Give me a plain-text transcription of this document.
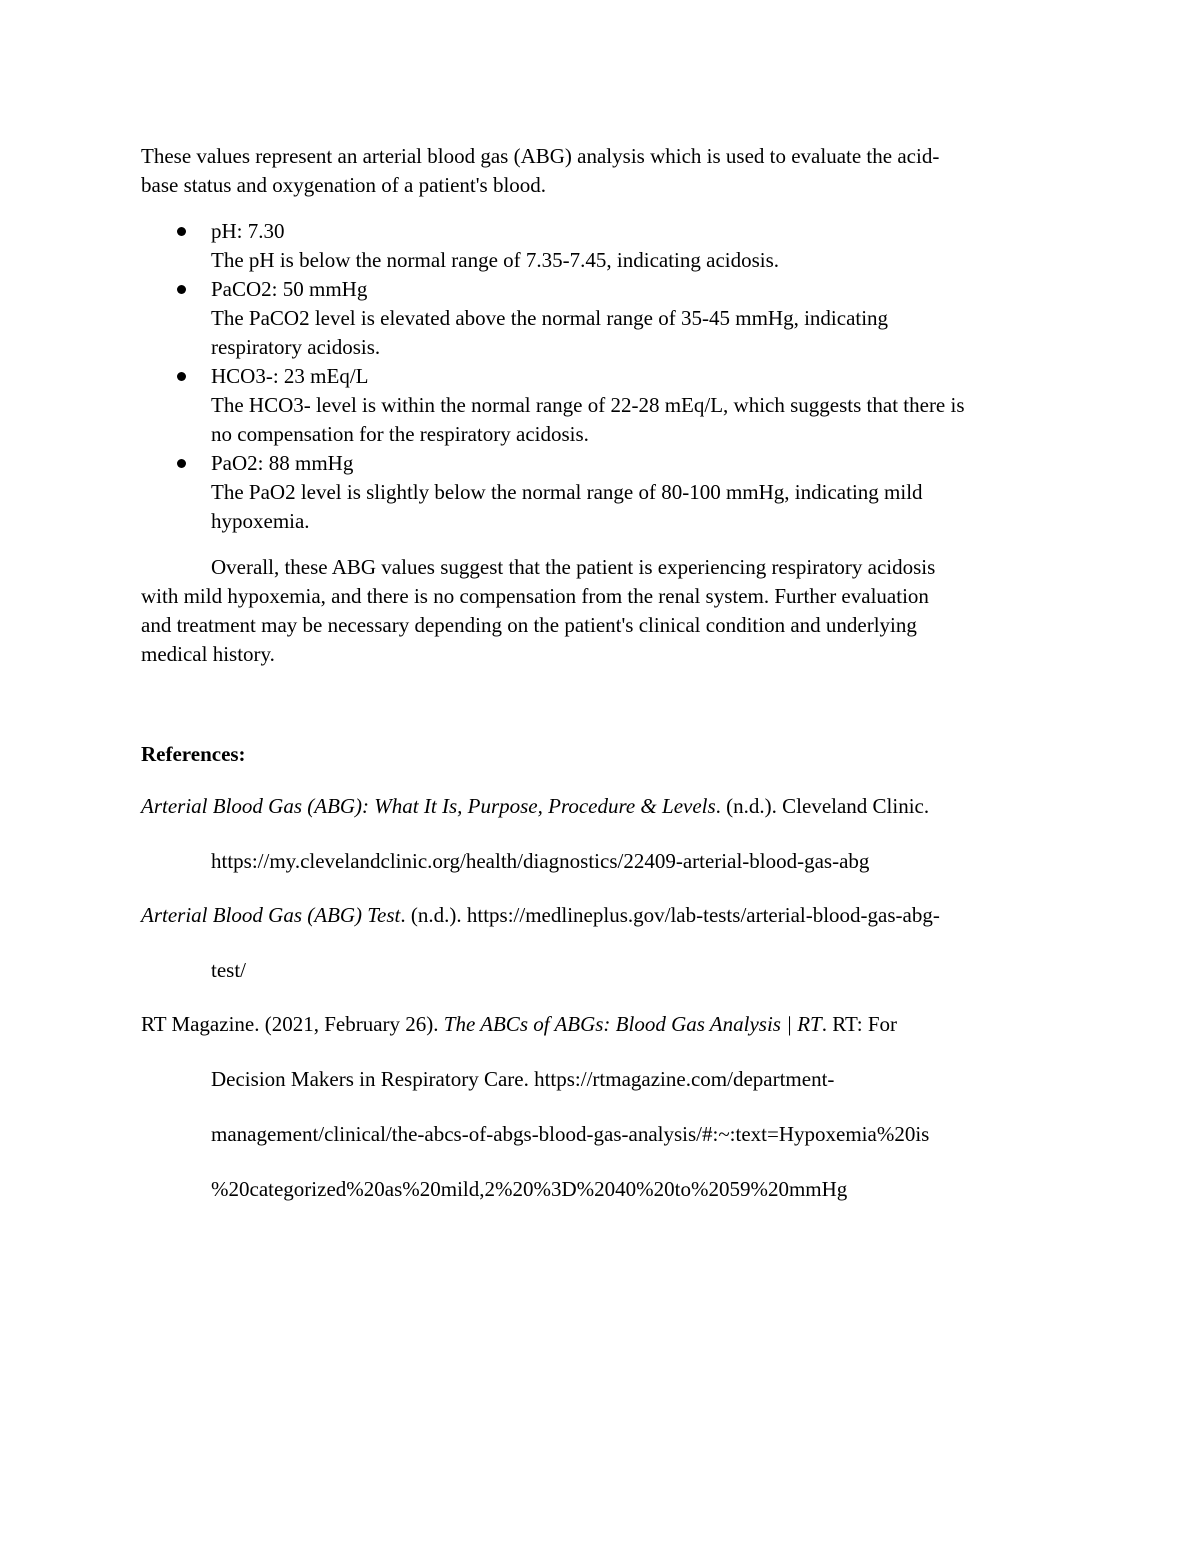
These values represent an arterial blood gas (ABG) analysis which is used to evaluate the acid-
base status and oxygenation of a patient's blood.
pH: 7.30
The pH is below the normal range of 7.35-7.45, indicating acidosis.
PaCO2: 50 mmHg
The PaCO2 level is elevated above the normal range of 35-45 mmHg, indicating
respiratory acidosis.
HCO3-: 23 mEq/L
The HCO3- level is within the normal range of 22-28 mEq/L, which suggests that there is
no compensation for the respiratory acidosis.
PaO2: 88 mmHg
The PaO2 level is slightly below the normal range of 80-100 mmHg, indicating mild
hypoxemia.
Overall, these ABG values suggest that the patient is experiencing respiratory acidosis
with mild hypoxemia, and there is no compensation from the renal system. Further evaluation
and treatment may be necessary depending on the patient's clinical condition and underlying
medical history.
References:
Arterial Blood Gas (ABG): What It Is, Purpose, Procedure & Levels. (n.d.). Cleveland Clinic.
https://my.clevelandclinic.org/health/diagnostics/22409-arterial-blood-gas-abg
Arterial Blood Gas (ABG) Test. (n.d.). https://medlineplus.gov/lab-tests/arterial-blood-gas-abg-
test/
RT Magazine. (2021, February 26). The ABCs of ABGs: Blood Gas Analysis | RT. RT: For
Decision Makers in Respiratory Care. https://rtmagazine.com/department-
management/clinical/the-abcs-of-abgs-blood-gas-analysis/#:~:text=Hypoxemia%20is
%20categorized%20as%20mild,2%20%3D%2040%20to%2059%20mmHg
